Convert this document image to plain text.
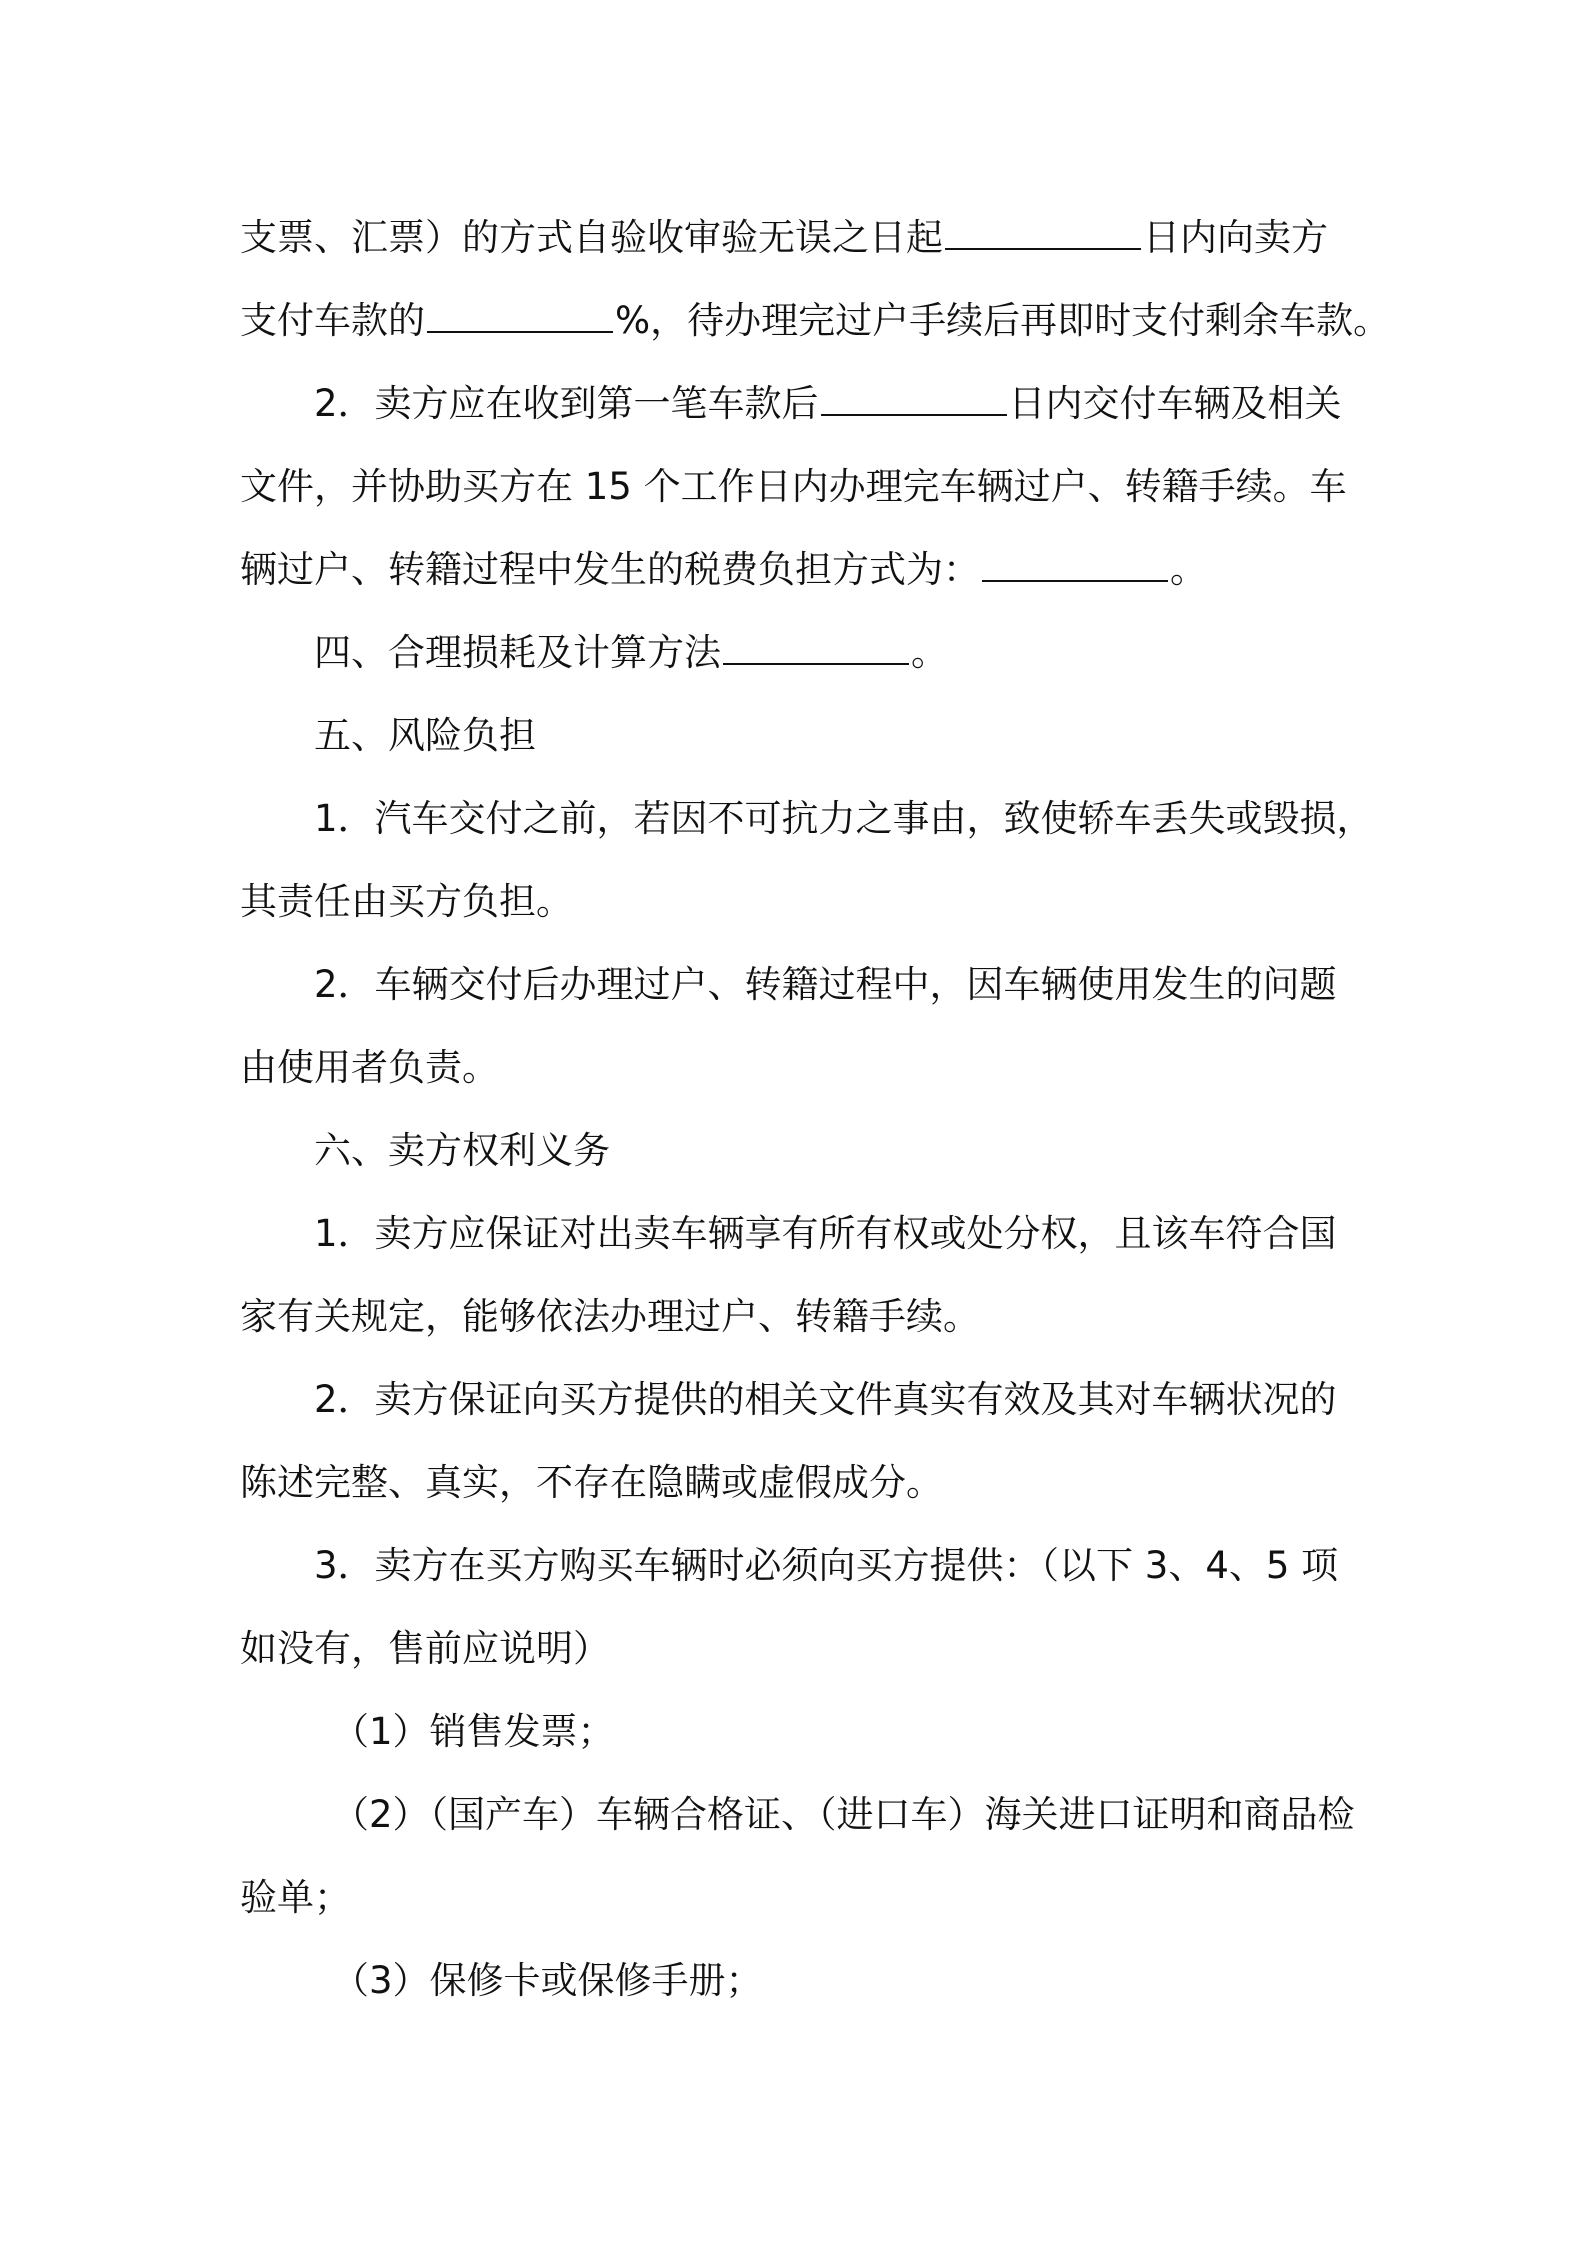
支票、汇票）的方式自验收审验无误之日起	日内向卖方

支付车款的	%，待办理完过户手续后再即时支付剩余车款。

2．卖方应在收到第一笔车款后	日内交付车辆及相关

文件，并协助买方在 15 个工作日内办理完车辆过户、转籍手续。车

辆过户、转籍过程中发生的税费负担方式为：	。

四、合理损耗及计算方法	。

五、风险负担

1．汽车交付之前，若因不可抗力之事由，致使轿车丢失或毁损，

其责任由买方负担。

2．车辆交付后办理过户、转籍过程中，因车辆使用发生的问题

由使用者负责。

六、卖方权利义务

1．卖方应保证对出卖车辆享有所有权或处分权，且该车符合国

家有关规定，能够依法办理过户、转籍手续。

2．卖方保证向买方提供的相关文件真实有效及其对车辆状况的

陈述完整、真实，不存在隐瞒或虚假成分。

3．卖方在买方购买车辆时必须向买方提供：（以下 3、4、5 项

如没有，售前应说明）

（1）销售发票；

（2）（国产车）车辆合格证、（进口车）海关进口证明和商品检

验单；

（3）保修卡或保修手册；
